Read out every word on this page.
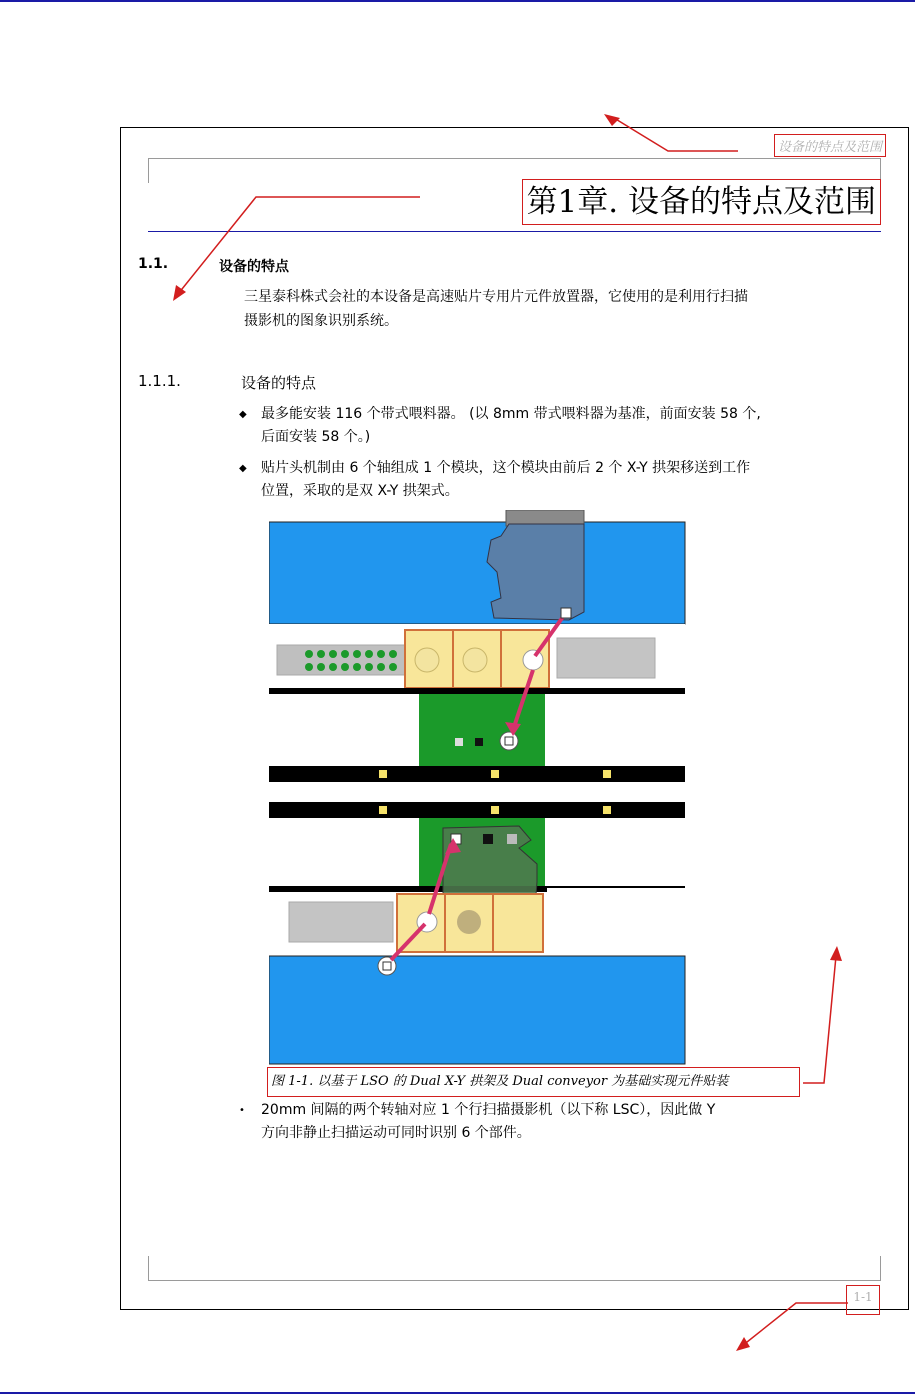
设备的特点及范围
第1章. 设备的特点及范围
1.1.	设备的特点
三星泰科株式会社的本设备是高速贴片专用片元件放置器，它使用的是利用行扫描
摄影机的图象识别系统。
1.1.1.	设备的特点
◆ 最多能安装 116 个带式喂料器。 (以 8mm 带式喂料器为基准，前面安装 58 个,
后面安装 58 个。)
◆ 贴片头机制由 6 个轴组成 1 个模块，这个模块由前后 2 个 X-Y 拱架移送到工作
位置，采取的是双 X-Y 拱架式。
图 1-1. 以基于 LSO 的 Dual X-Y 拱架及 Dual conveyor 为基础实现元件贴装
• 20mm 间隔的两个转轴对应 1 个行扫描摄影机（以下称 LSC），因此做 Y
方向非静止扫描运动可同时识别 6 个部件。
1-1
